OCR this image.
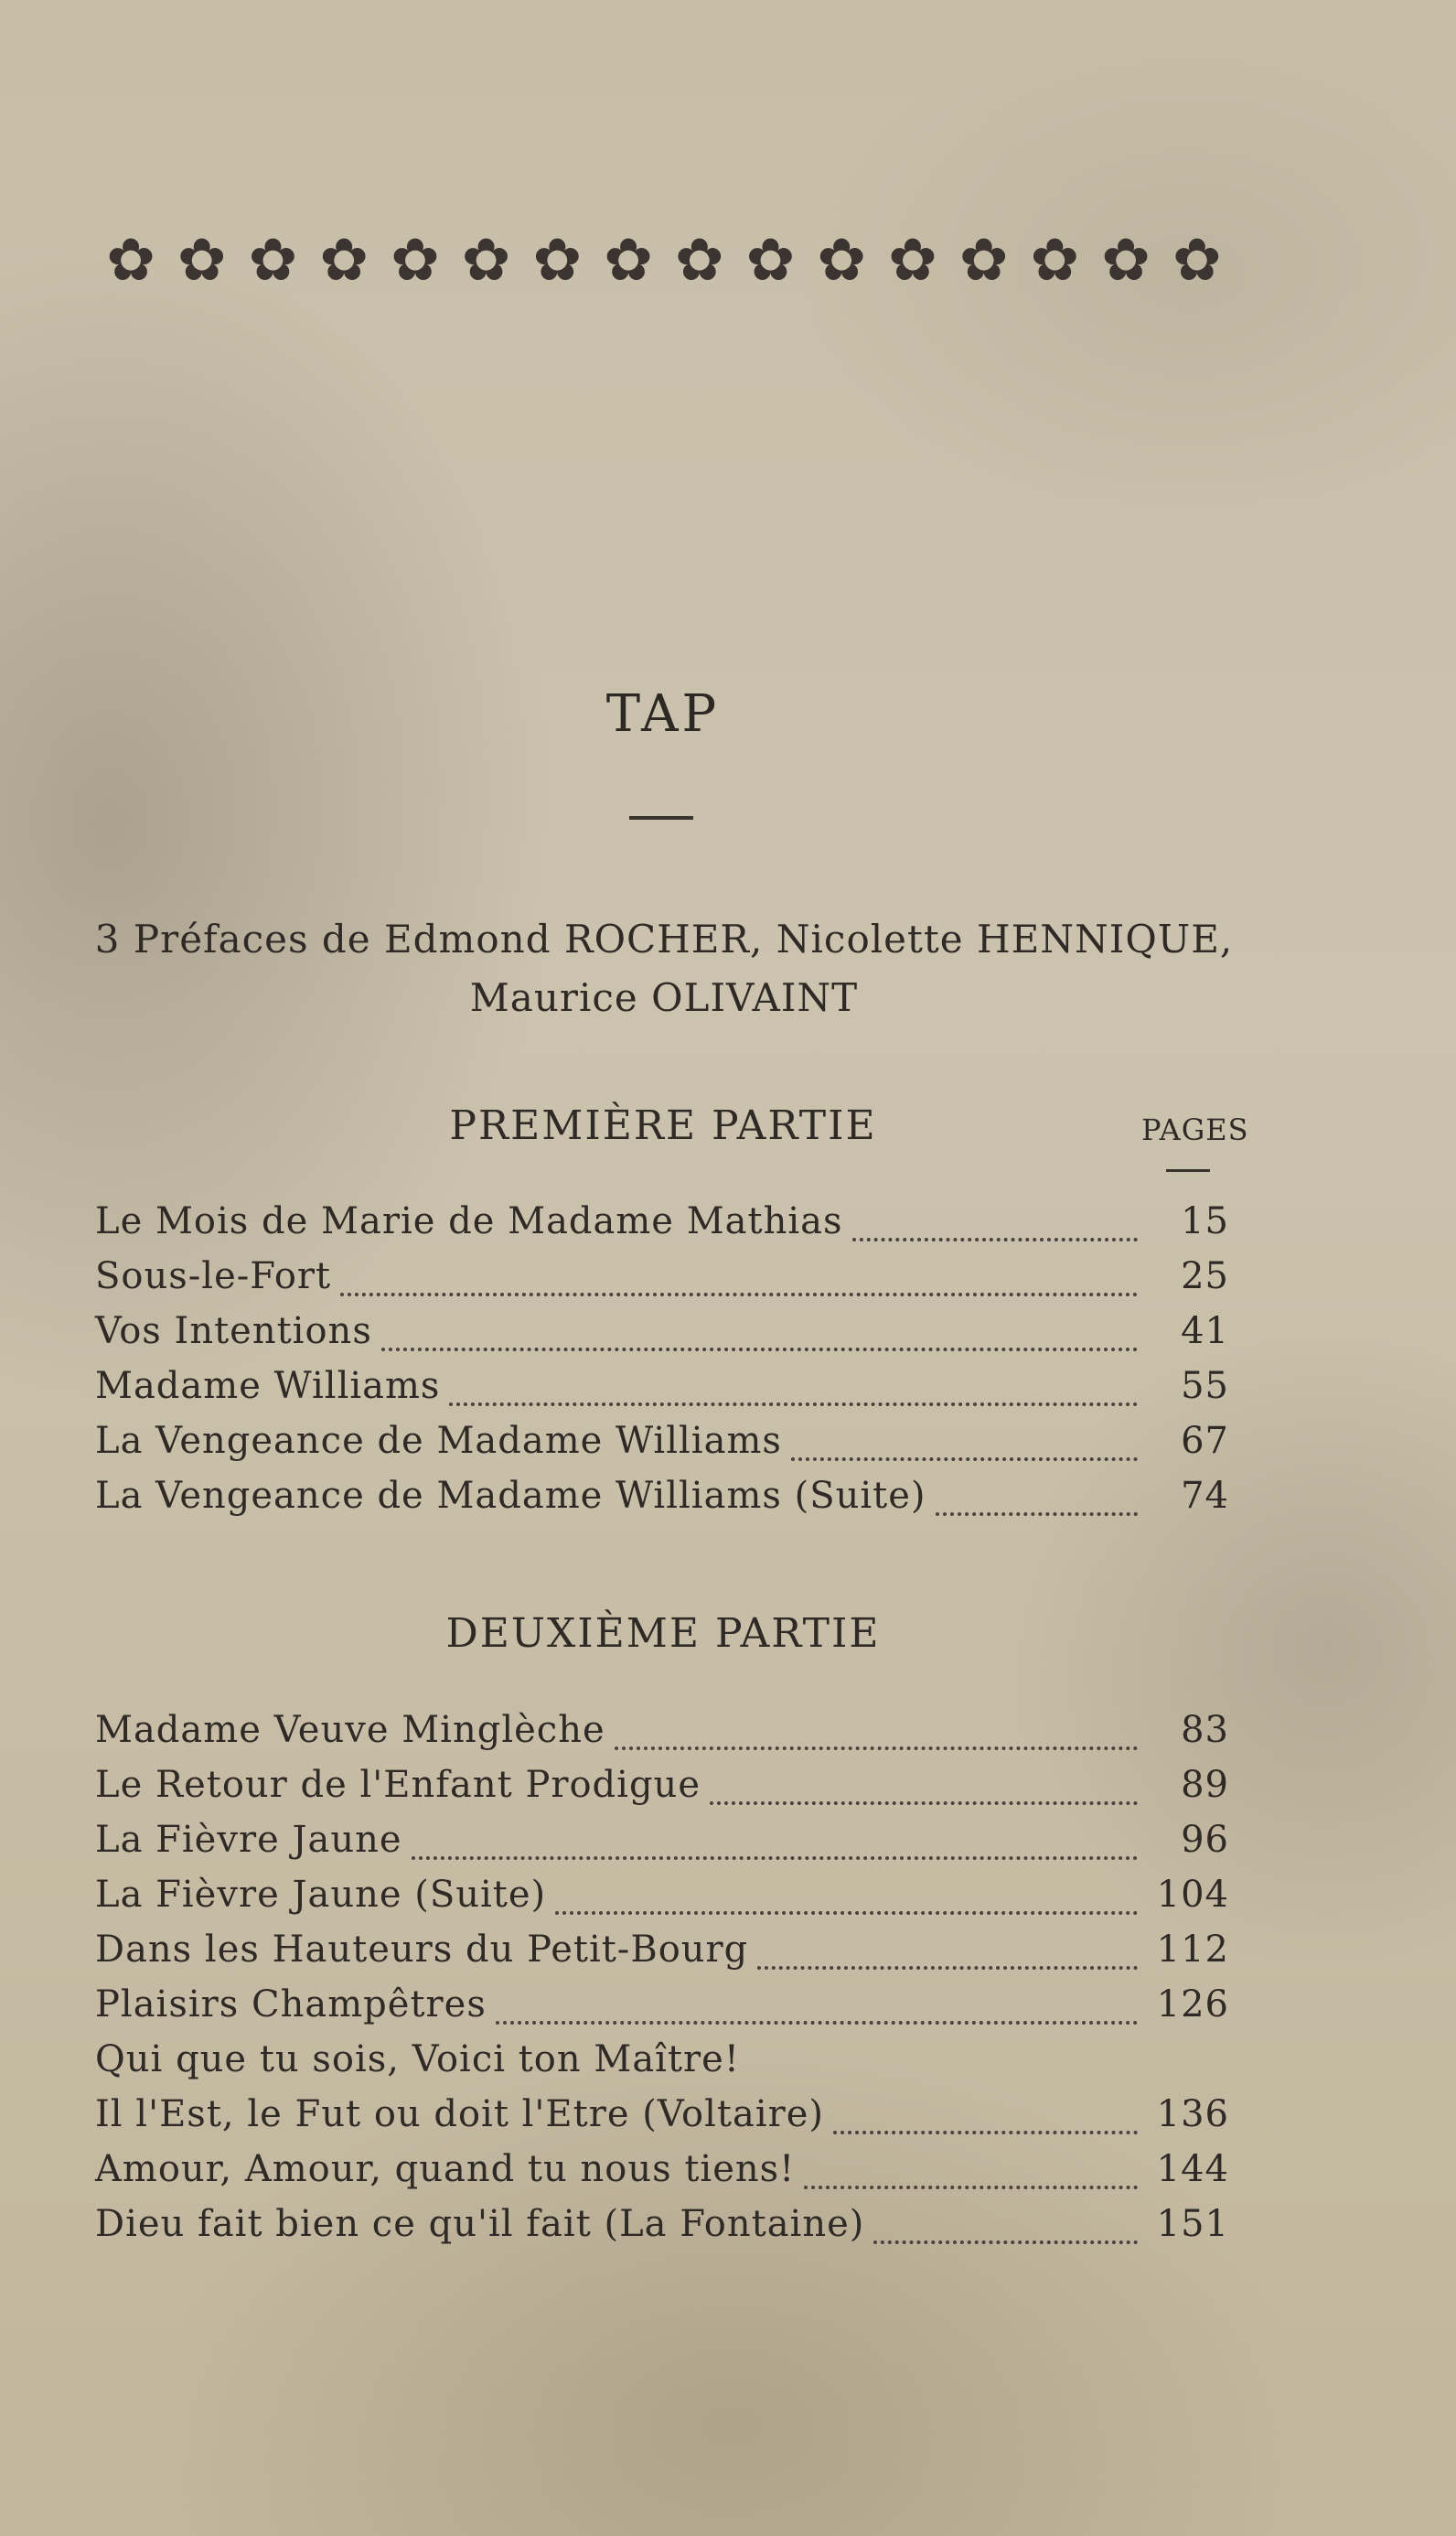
✿ ✿ ✿ ✿ ✿ ✿ ✿ ✿ ✿ ✿ ✿ ✿ ✿ ✿ ✿ ✿
TAP
3 Préfaces de Edmond ROCHER, Nicolette HENNIQUE,
Maurice OLIVAINT
PREMIÈRE PARTIE	PAGES
Le Mois de Marie de Madame Mathias	15
Sous-le-Fort	25
Vos Intentions	41
Madame Williams	55
La Vengeance de Madame Williams	67
La Vengeance de Madame Williams (Suite)	74
DEUXIÈME PARTIE
Madame Veuve Minglèche	83
Le Retour de l'Enfant Prodigue	89
La Fièvre Jaune	96
La Fièvre Jaune (Suite)	104
Dans les Hauteurs du Petit-Bourg	112
Plaisirs Champêtres	126
Qui que tu sois, Voici ton Maître!
Il l'Est, le Fut ou doit l'Etre (Voltaire)	136
Amour, Amour, quand tu nous tiens!	144
Dieu fait bien ce qu'il fait (La Fontaine)	151
